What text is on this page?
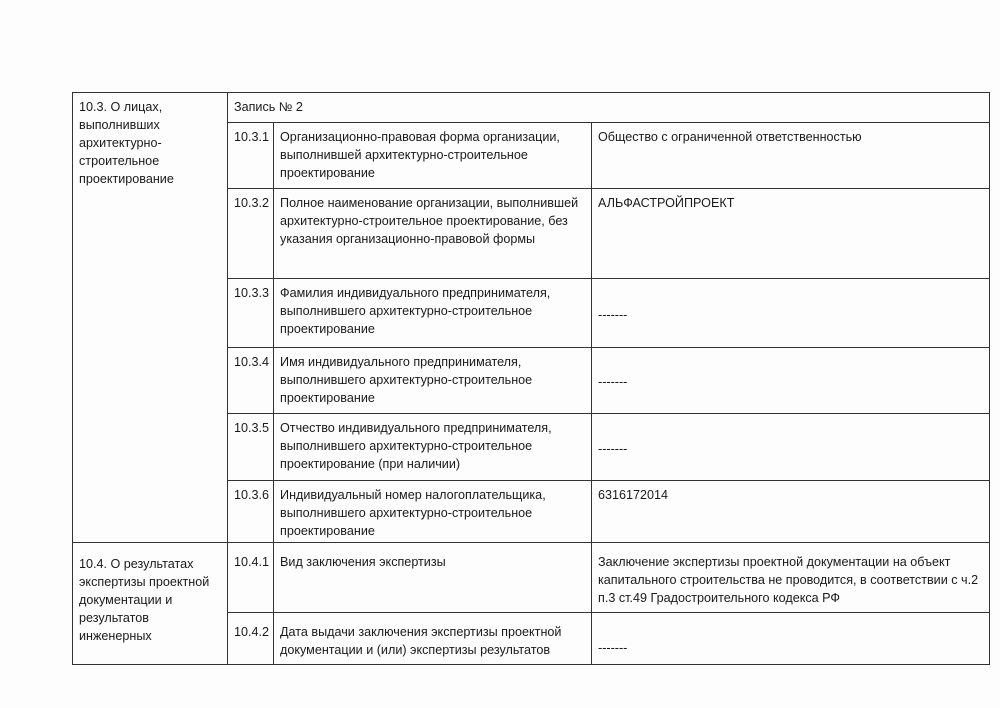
10.3. О лицах, выполнивших архитектурно-строительное проектирование	Запись № 2		
	10.3.1	Организационно-правовая форма организации, выполнившей архитектурно-строительное проектирование	Общество с ограниченной ответственностью
	10.3.2	Полное наименование организации, выполнившей архитектурно-строительное проектирование, без указания организационно-правовой формы	АЛЬФАСТРОЙПРОЕКТ
	10.3.3	Фамилия индивидуального предпринимателя, выполнившего архитектурно-строительное проектирование	-------
	10.3.4	Имя индивидуального предпринимателя, выполнившего архитектурно-строительное проектирование	-------
	10.3.5	Отчество индивидуального предпринимателя, выполнившего архитектурно-строительное проектирование (при наличии)	-------
	10.3.6	Индивидуальный номер налогоплательщика, выполнившего архитектурно-строительное проектирование	6316172014
10.4. О результатах экспертизы проектной документации и результатов инженерных	10.4.1	Вид заключения экспертизы	Заключение экспертизы проектной документации на объект капитального строительства не проводится, в соответствии с ч.2 п.3 ст.49 Градостроительного кодекса РФ
	10.4.2	Дата выдачи заключения экспертизы проектной документации и (или) экспертизы результатов	-------
